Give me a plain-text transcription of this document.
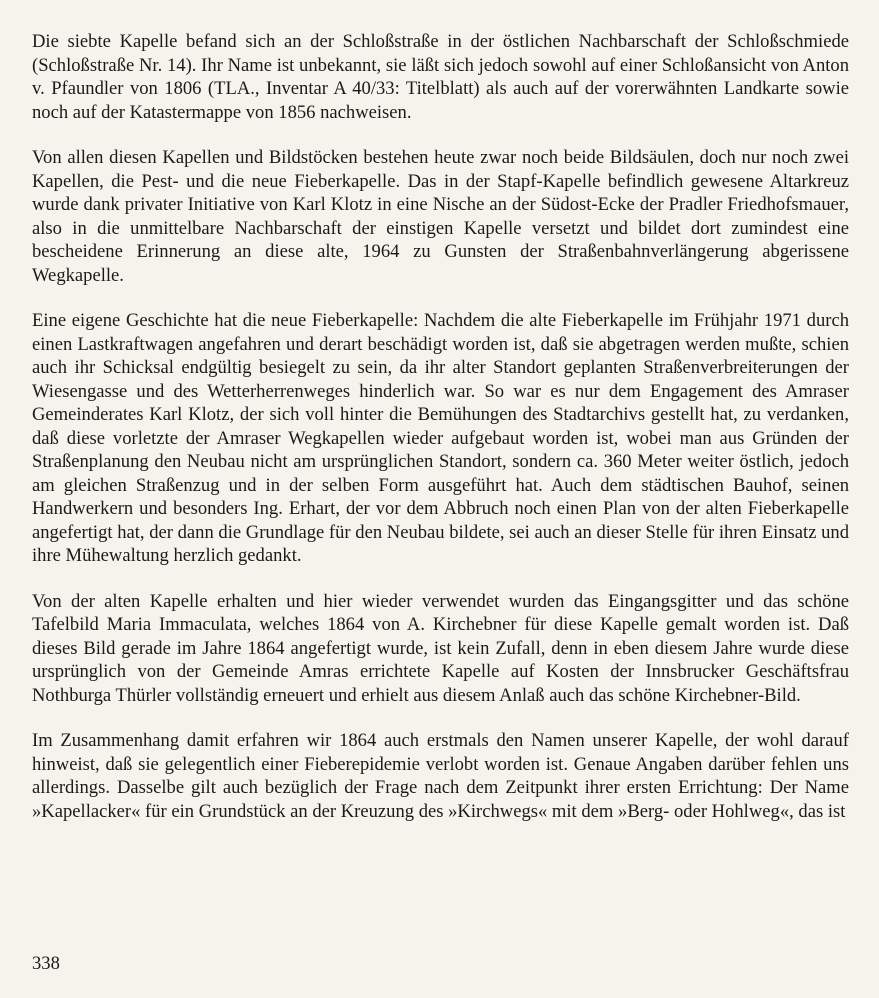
Die siebte Kapelle befand sich an der Schloßstraße in der östlichen Nachbarschaft der Schloßschmiede (Schloßstraße Nr. 14). Ihr Name ist unbekannt, sie läßt sich jedoch sowohl auf einer Schloßansicht von Anton v. Pfaundler von 1806 (TLA., Inventar A 40/33: Titelblatt) als auch auf der vorerwähnten Landkarte sowie noch auf der Katastermappe von 1856 nachweisen.

Von allen diesen Kapellen und Bildstöcken bestehen heute zwar noch beide Bildsäulen, doch nur noch zwei Kapellen, die Pest- und die neue Fieberkapelle. Das in der Stapf-Kapelle befindlich gewesene Altarkreuz wurde dank privater Initiative von Karl Klotz in eine Nische an der Südost-Ecke der Pradler Friedhofsmauer, also in die unmittelbare Nachbarschaft der einstigen Kapelle versetzt und bildet dort zumindest eine bescheidene Erinnerung an diese alte, 1964 zu Gunsten der Straßenbahnverlängerung abgerissene Wegkapelle.

Eine eigene Geschichte hat die neue Fieberkapelle: Nachdem die alte Fieberkapelle im Frühjahr 1971 durch einen Lastkraftwagen angefahren und derart beschädigt worden ist, daß sie abgetragen werden mußte, schien auch ihr Schicksal endgültig besiegelt zu sein, da ihr alter Standort geplanten Straßenverbreiterungen der Wiesengasse und des Wetterherrenweges hinderlich war. So war es nur dem Engagement des Amraser Gemeinderates Karl Klotz, der sich voll hinter die Bemühungen des Stadtarchivs gestellt hat, zu verdanken, daß diese vorletzte der Amraser Wegkapellen wieder aufgebaut worden ist, wobei man aus Gründen der Straßenplanung den Neubau nicht am ursprünglichen Standort, sondern ca. 360 Meter weiter östlich, jedoch am gleichen Straßenzug und in der selben Form ausgeführt hat. Auch dem städtischen Bauhof, seinen Handwerkern und besonders Ing. Erhart, der vor dem Abbruch noch einen Plan von der alten Fieberkapelle angefertigt hat, der dann die Grundlage für den Neubau bildete, sei auch an dieser Stelle für ihren Einsatz und ihre Mühewaltung herzlich gedankt.

Von der alten Kapelle erhalten und hier wieder verwendet wurden das Eingangsgitter und das schöne Tafelbild Maria Immaculata, welches 1864 von A. Kirchebner für diese Kapelle gemalt worden ist. Daß dieses Bild gerade im Jahre 1864 angefertigt wurde, ist kein Zufall, denn in eben diesem Jahre wurde diese ursprünglich von der Gemeinde Amras errichtete Kapelle auf Kosten der Innsbrucker Geschäftsfrau Nothburga Thürler vollständig erneuert und erhielt aus diesem Anlaß auch das schöne Kirchebner-Bild.

Im Zusammenhang damit erfahren wir 1864 auch erstmals den Namen unserer Kapelle, der wohl darauf hinweist, daß sie gelegentlich einer Fieberepidemie verlobt worden ist. Genaue Angaben darüber fehlen uns allerdings. Dasselbe gilt auch bezüglich der Frage nach dem Zeitpunkt ihrer ersten Errichtung: Der Name »Kapellacker« für ein Grundstück an der Kreuzung des »Kirchwegs« mit dem »Berg- oder Hohlweg«, das ist

338
